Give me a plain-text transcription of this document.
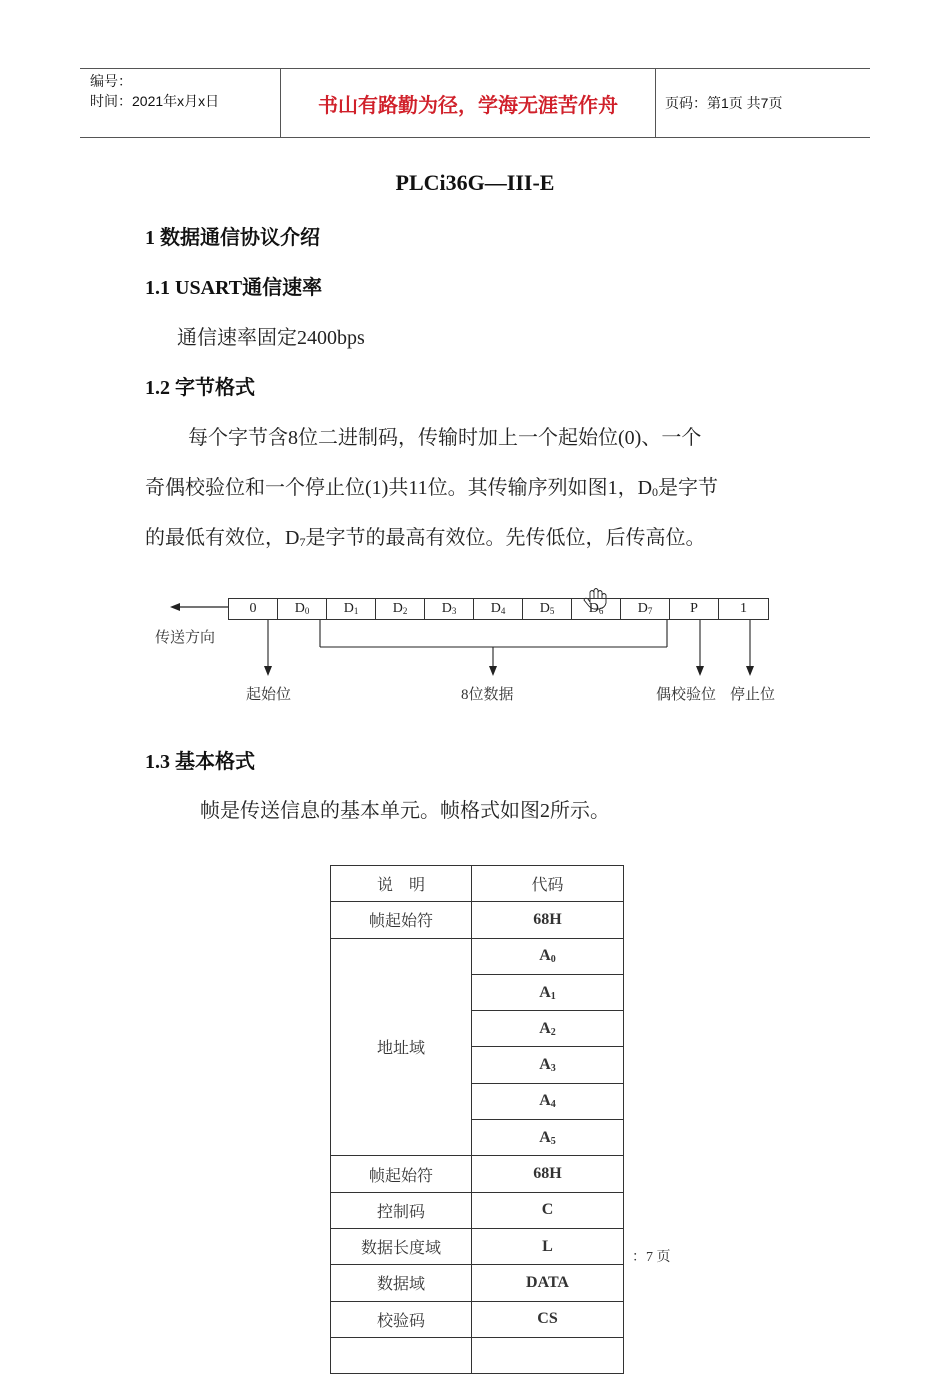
编号：
时间：2021年x月x日	书山有路勤为径，学海无涯苦作舟	页码：第1页 共7页
PLCi36G—III-E
1 数据通信协议介绍
1.1 USART通信速率
通信速率固定2400bps
1.2 字节格式
每个字节含8位二进制码，传输时加上一个起始位(0)、一个
奇偶校验位和一个停止位(1)共11位。其传输序列如图1，$D_0$是字节
的最低有效位，$D_7$是字节的最高有效位。先传低位，后传高位。
0	$D_0$	$D_1$	$D_2$	$D_3$	$D_4$	$D_5$	$D_6$	$D_7$	P	1
传送方向
起始位	8位数据	偶校验位 停止位
1.3 基本格式
帧是传送信息的基本单元。帧格式如图2所示。
说　明	代码
帧起始符	68H
地址域	$A_0$
	$A_1$
	$A_2$
	$A_3$
	$A_4$
	$A_5$
帧起始符	68H
控制码	C
数据长度域	L
数据域	DATA
校验码	CS

：7 页
